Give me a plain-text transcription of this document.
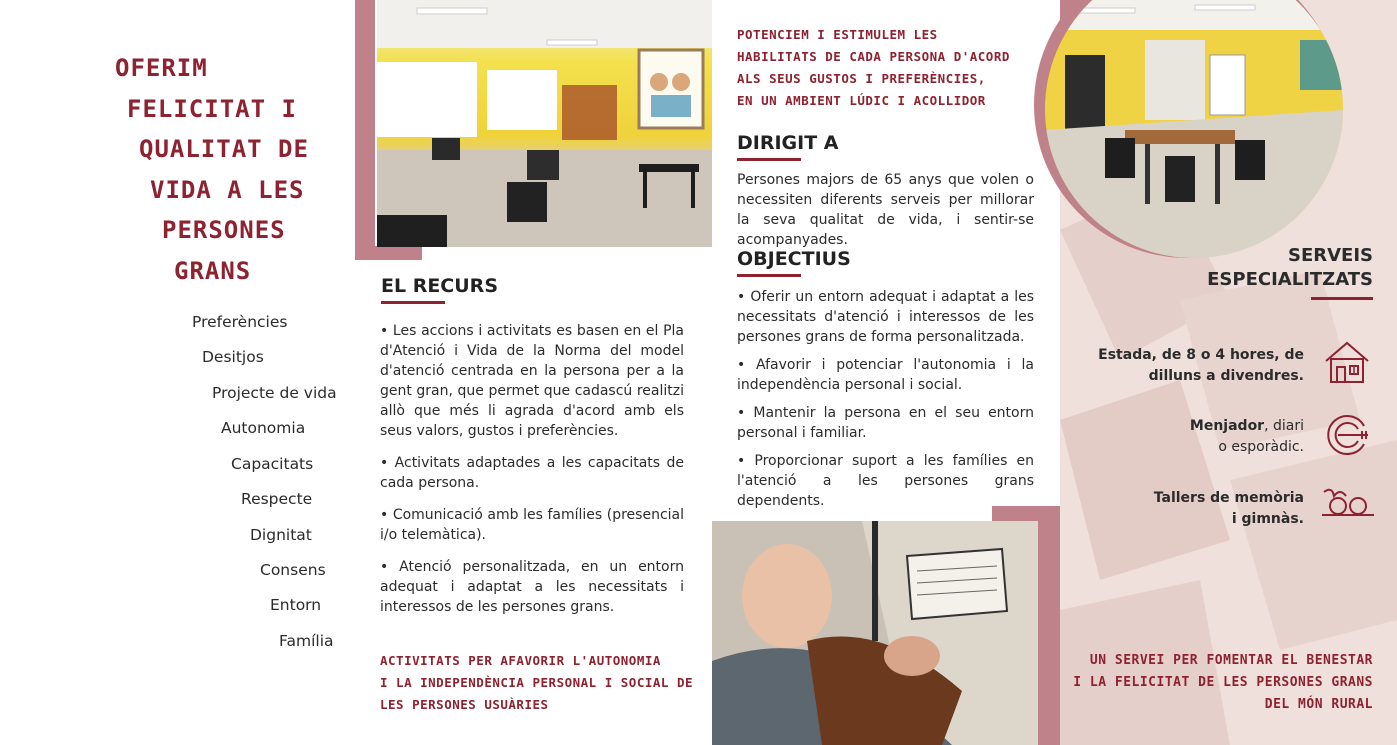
OFERIM
FELICITAT I
QUALITAT DE
VIDA A LES
PERSONES
GRANS
Preferències
Desitjos
Projecte de vida
Autonomia
Capacitats
Respecte
Dignitat
Consens
Entorn
Família
EL RECURS

• Les accions i activitats es basen en el Pla d'Atenció i Vida de la Norma del model d'atenció centrada en la persona per a la gent gran, que permet que cadascú realitzi allò que més li agrada d'acord amb els seus valors, gustos i preferències.

• Activitats adaptades a les capacitats de cada persona.

• Comunicació amb les famílies (presencial i/o telemàtica).

• Atenció personalitzada, en un entorn adequat i adaptat a les necessitats i interessos de les persones grans.

ACTIVITATS PER AFAVORIR L'AUTONOMIA
I LA INDEPENDÈNCIA PERSONAL I SOCIAL DE
LES PERSONES USUÀRIES
POTENCIEM I ESTIMULEM LES
HABILITATS DE CADA PERSONA D'ACORD
ALS SEUS GUSTOS I PREFERÈNCIES,
EN UN AMBIENT LÚDIC I ACOLLIDOR
DIRIGIT A
Persones majors de 65 anys que volen o necessiten diferents serveis per millorar la seva qualitat de vida, i sentir-se acompanyades.
OBJECTIUS

• Oferir un entorn adequat i adaptat a les necessitats d'atenció i interessos de les persones grans de forma personalitzada.

• Afavorir i potenciar l'autonomia i la independència personal i social.

• Mantenir la persona en el seu entorn personal i familiar.

• Proporcionar suport a les famílies en l'atenció a les persones grans dependents.

SERVEIS
ESPECIALITZATS
Estada, de 8 o 4 hores, de
dilluns a divendres.
Menjador, diari
o esporàdic.
Tallers de memòria
i gimnàs.
UN SERVEI PER FOMENTAR EL BENESTAR
I LA FELICITAT DE LES PERSONES GRANS
DEL MÓN RURAL
